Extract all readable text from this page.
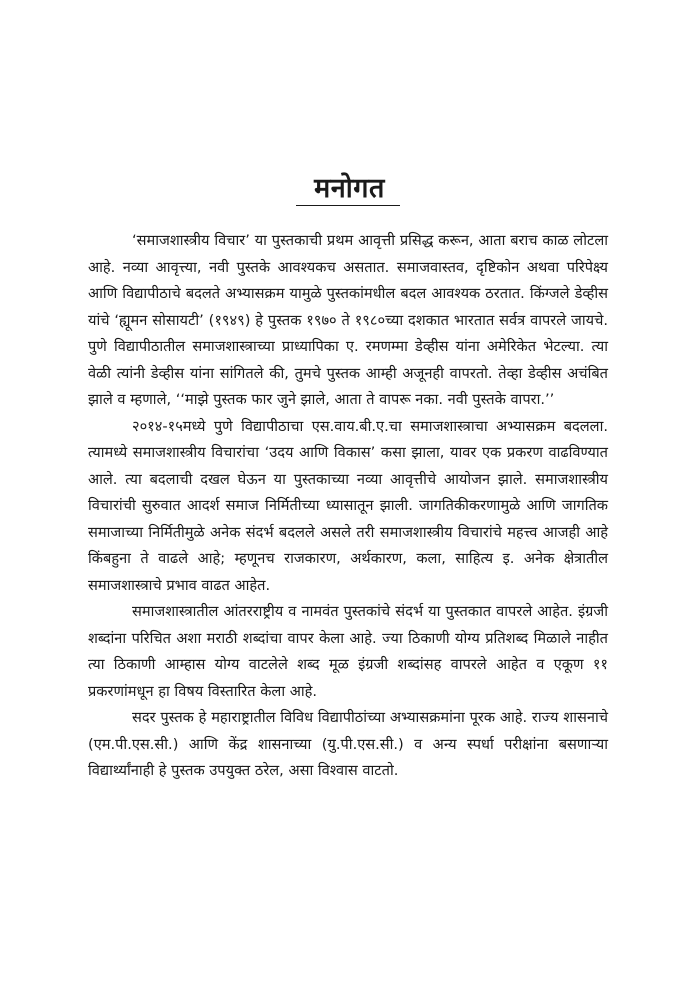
मनोगत

‘समाजशास्त्रीय विचार’ या पुस्तकाची प्रथम आवृत्ती प्रसिद्ध करून, आता बराच काळ लोटला आहे. नव्या आवृत्त्या, नवी पुस्तके आवश्यकच असतात. समाजवास्तव, दृष्टिकोन अथवा परिपेक्ष्य आणि विद्यापीठाचे बदलते अभ्यासक्रम यामुळे पुस्तकांमधील बदल आवश्यक ठरतात. किंग्जले डेव्हीस यांचे ‘ह्यूमन सोसायटी’ (१९४९) हे पुस्तक १९७० ते १९८०च्या दशकात भारतात सर्वत्र वापरले जायचे. पुणे विद्यापीठातील समाजशास्त्राच्या प्राध्यापिका ए. रमणम्मा डेव्हीस यांना अमेरिकेत भेटल्या. त्या वेळी त्यांनी डेव्हीस यांना सांगितले की, तुमचे पुस्तक आम्ही अजूनही वापरतो. तेव्हा डेव्हीस अचंबित झाले व म्हणाले, ‘‘माझे पुस्तक फार जुने झाले, आता ते वापरू नका. नवी पुस्तके वापरा.’’

२०१४-१५मध्ये पुणे विद्यापीठाचा एस.वाय.बी.ए.चा समाजशास्त्राचा अभ्यासक्रम बदलला. त्यामध्ये समाजशास्त्रीय विचारांचा ‘उदय आणि विकास’ कसा झाला, यावर एक प्रकरण वाढविण्यात आले. त्या बदलाची दखल घेऊन या पुस्तकाच्या नव्या आवृत्तीचे आयोजन झाले. समाजशास्त्रीय विचारांची सुरुवात आदर्श समाज निर्मितीच्या ध्यासातून झाली. जागतिकीकरणामुळे आणि जागतिक समाजाच्या निर्मितीमुळे अनेक संदर्भ बदलले असले तरी समाजशास्त्रीय विचारांचे महत्त्व आजही आहे किंबहुना ते वाढले आहे; म्हणूनच राजकारण, अर्थकारण, कला, साहित्य इ. अनेक क्षेत्रातील समाजशास्त्राचे प्रभाव वाढत आहेत.

समाजशास्त्रातील आंतरराष्ट्रीय व नामवंत पुस्तकांचे संदर्भ या पुस्तकात वापरले आहेत. इंग्रजी शब्दांना परिचित अशा मराठी शब्दांचा वापर केला आहे. ज्या ठिकाणी योग्य प्रतिशब्द मिळाले नाहीत त्या ठिकाणी आम्हास योग्य वाटलेले शब्द मूळ इंग्रजी शब्दांसह वापरले आहेत व एकूण ११ प्रकरणांमधून हा विषय विस्तारित केला आहे.

सदर पुस्तक हे महाराष्ट्रातील विविध विद्यापीठांच्या अभ्यासक्रमांना पूरक आहे. राज्य शासनाचे (एम.पी.एस.सी.) आणि केंद्र शासनाच्या (यु.पी.एस.सी.) व अन्य स्पर्धा परीक्षांना बसणाऱ्या विद्यार्थ्यांनाही हे पुस्तक उपयुक्त ठरेल, असा विश्वास वाटतो.
